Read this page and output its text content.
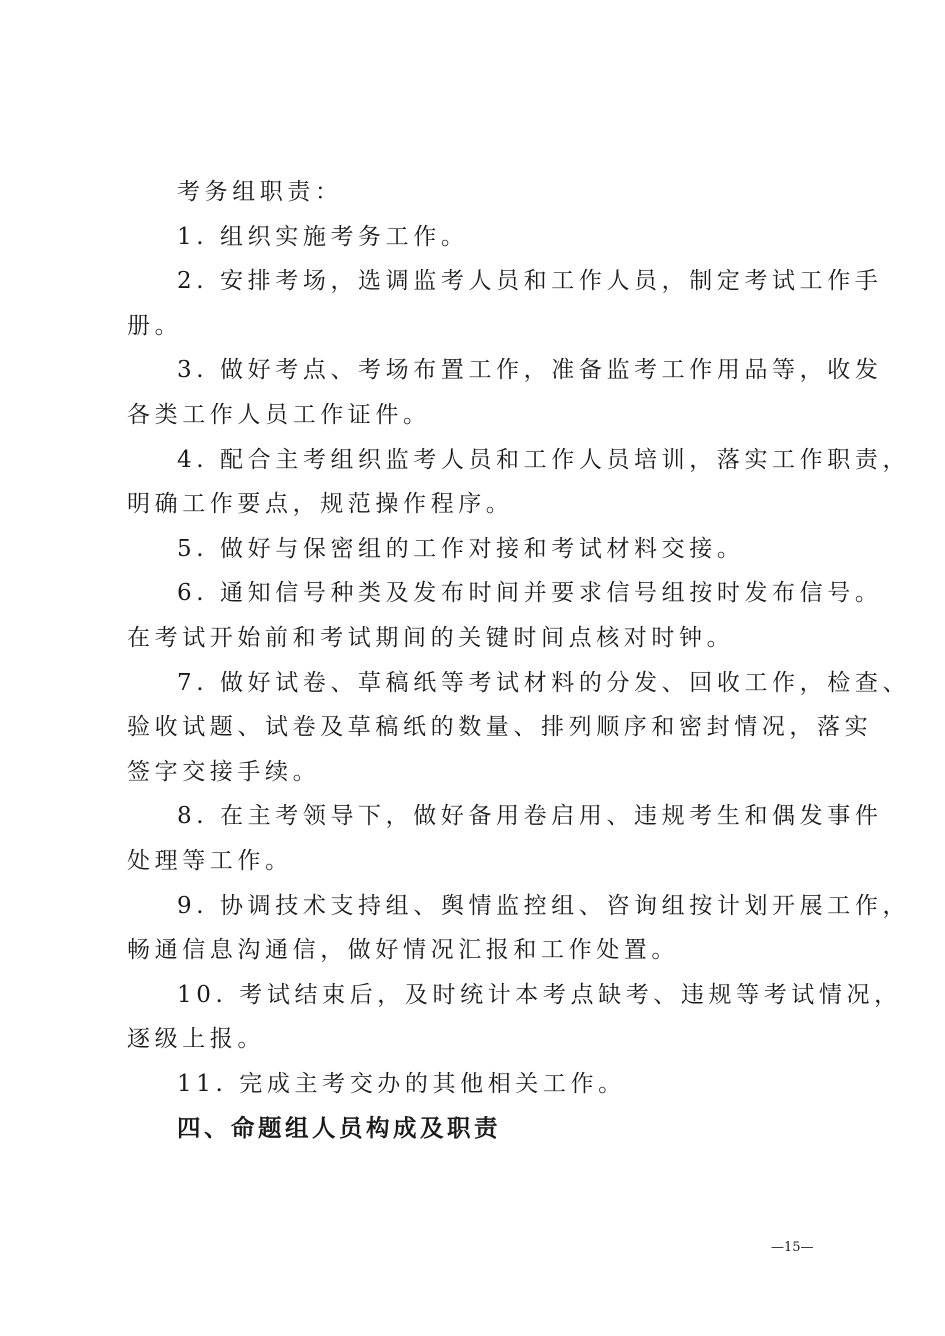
考务组职责：
1. 组织实施考务工作。
2. 安排考场，选调监考人员和工作人员，制定考试工作手
册。
3. 做好考点、考场布置工作，准备监考工作用品等，收发
各类工作人员工作证件。
4. 配合主考组织监考人员和工作人员培训，落实工作职责，
明确工作要点，规范操作程序。
5. 做好与保密组的工作对接和考试材料交接。
6. 通知信号种类及发布时间并要求信号组按时发布信号。
在考试开始前和考试期间的关键时间点核对时钟。
7. 做好试卷、草稿纸等考试材料的分发、回收工作，检查、
验收试题、试卷及草稿纸的数量、排列顺序和密封情况，落实
签字交接手续。
8. 在主考领导下，做好备用卷启用、违规考生和偶发事件
处理等工作。
9. 协调技术支持组、舆情监控组、咨询组按计划开展工作，
畅通信息沟通信，做好情况汇报和工作处置。
10. 考试结束后，及时统计本考点缺考、违规等考试情况，
逐级上报。
11. 完成主考交办的其他相关工作。
四、命题组人员构成及职责
—15—
